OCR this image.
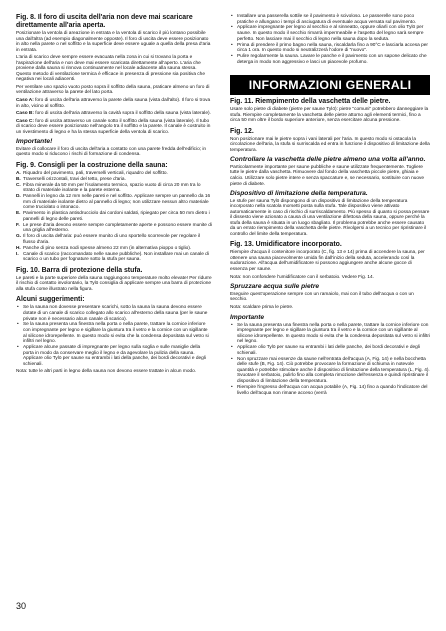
Fig. 8. Il foro di uscita dell'aria non deve mai scaricare direttamente all'aria aperta.
Posizionare la ventola di areazione in entrata e la ventola di scarico il più lontano possibile una dall'altra (ad esempio diagonalmente opposte). Il foro di uscita deve essere posizionato in alto nella parete o nel soffitto e la superficie deve essere uguale a quella della presa d'aria in entrata.
L'aria di scarico deve sempre essere evacuata nella zona in cui si trovano la porta e l'aspirazione dell'aria e non deve mai essere scaricata direttamente all'aperto. L'aria che proviene dalla sauna si rinnova continuamente nel locale adiacente alla sauna stessa. Questo metodo di ventilazione termica è efficace in presenza di pressione sia positiva che negativa nei locali adiacenti.
Per ventilare uno spazio vuoto posto sopra il soffitto della sauna, praticare almeno un foro di ventilazione attraverso la parete del lato porta.
Caso A: foro di uscita dell'aria attraverso la parete della sauna (vista dall'alto). Il foro si trova in alto, vicino al soffitto.
Caso B: foro di uscita dell'aria attraverso la cavità sopra il soffitto della sauna (vista laterale).
Caso C: foro di uscita attraverso un canale sotto il soffitto della sauna (vista laterale). Il tubo di scarico deve essere posizionato nell'angolo tra il soffitto e la parete. Il canale è costruito in un rivestimento di legno e ha la stessa superficie della ventola di scarico.
Importante!
Evitare di collocare il foro di uscita dell'aria a contatto con una parete fredda dell'edificio; in questo modo si riducono i rischi di formazione di condensa.
Fig. 9. Consigli per la costruzione della sauna:
A. Riquadro del pavimento, pali, traverselli verticali, riquadro del soffitto.
B. Traverselli orizzontali, travi del tetto, prese d'aria.
C. Fibra minerale da 50 mm per l'isolamento termico, spazio vuoto di circa 20 mm tra lo strato di materiale isolante e la parete esterna.
D. Pannelli in legno da 12 mm nelle pareti e nel soffitto. Applicare sempre un pannello da 16 mm di materiale isolante dietro al pannello di legno; non utilizzare nessun altro materiale come truciolato o intonaco.
E. Pavimento in plastica antisdrucciolo dai cordoni saldati, ripiegato per circa 50 mm dietro i pannelli di legno delle pareti.
F. Le prese d'aria devono essere sempre completamente aperte e possono essere munite di una griglia all'esterno.
G. Il foro di uscita dell'aria: può essere munito di uno sportello scorrevole per regolare il flusso d'aria.
H. Panche di pino senza nodi spesse almeno 22 mm (in alternativa pioppo o tiglio).
I. Canale di scarico (raccomandato nelle saune pubbliche). Non installare mai un canale di scarico o un tubo per fognature sotto la stufa per sauna.
Fig. 10. Barra di protezione della stufa.
Le pareti e la parte superiore della sauna raggiungono temperature molto elevate! Per ridurre il rischio di contatto involontario, la Tylö consiglia di applicare sempre una barra di protezione alla stufa come illustrato nella figura.
Alcuni suggerimenti:
• Se la sauna non dovesse presentare scarichi, sotto la sauna la sauna devono essere dotate di un canale di scarico collegato allo scarico all'esterno della sauna (per le saune private non è necessario alcun canale di scarico).
• Se la sauna presenta una finestra nella porta o nella parete, trattare la cornice inferiore con impregnante per legno e sigillare la giuntura tra il vetro e la cornice con un sigillante al silicone idrorepellente. In questo modo si evita che la condensa depositata sul vetro si infiltri nel legno.
• Applicare alcune passate di impregnante per legno sulla soglia e sulle maniglie della porta in modo da conservare meglio il legno e da agevolare la pulizia della sauna. Applicare olio Tylö per saune su entrambi i lati della panche, dei bordi decorativi e degli schienali.
Nota: tutte le altri parti in legno della sauna non devono essere trattate in alcun modo.
• Installare una passerella sottile se il pavimento è scivoloso. Le passerelle sono poco pratiche e allungano i tempi di asciugatura di eventuale acqua versata sul pavimento.
• Applicare impregnante per legno al secchio e al sinneatto, oppure oliarli con olio Tylö per saune. In questo modo il secchio rimarrà impermeabile e l'aspetto del legno sarà sempre perfetto. Non lasciare mai il secchio di legno nella sauna dopo la seduta.
• Prima di prendere il primo bagno nella sauna, riscaldarla fino a 90°C e lasciarla accesa per circa 1 ora. In questo modo si neutralizzerà l'odore di "nuovo".
• Pulire regolarmente la sauna. Lavare le panche e il pavimento con un sapone delicato che deterga in modo non aggressivo e lasci un piacevole profumo.
INFORMAZIONI GENERALI
Fig. 11. Riempimento della vaschetta delle pietre.
Usare solo pietre di diabete (pietre per saune Tylö): pietre "comuni" potrebbero danneggiare la stufa. Riempire completamente la vaschetta delle pietre attorno agli elementi termici, fino a circa 50 mm oltre il bordo superiore anteriore, senza esercitare alcuna pressione.
Fig. 12.
Non posizionare mai le pietre sopra i vani laterali per l'aria. In questo modo si ostacola la circolazione dell'aria, la stufa si surriscalda ed entra in funzione il dispositivo di limitazione della temperatura.
Controllare la vaschetta delle pietre almeno una volta all'anno.
Particolarmente importante per saune pubbliche e saune utilizzate frequentemente. Togliere tutte le pietre dalla vaschetta. Rimuovere dal fondo della vaschetta piccole pietre, ghiaia e calcio. Utilizzare solo pietre intere e senza spaccature e, se necessario, sostituire con nuove pietre di diabete.
Dispositivo di limitazione della temperatura.
Le stufe per sauna Tylö dispongono di un dispositivo di limitazione della temperatura incorporato nella scatola morsetti posta sulla stufa. Tale dispositivo viene attivato automaticamente in caso di rischio di surriscaldamento. Più spesso di quanto si possa pensare il dissesto viene azionato a causa di una ventilazione difettosa della sauna, oppure perché la stufa della sauna è situata in un luogo sbagliato. Il problema potrebbe anche essere causato da un errato riempimento della vaschetta delle pietre. Rivolgersi a un tecnico per ripristinare il controllo del limite della temperatura.
Fig. 13. Umidificatore incorporato.
Riempire d'acqua il contenitore incorporato (C, fig. 13 e 14) prima di accendere la sauna, per ottenere una sauna piacevolmente umida fin dall'inizio della seduta, accelerando così la sudorazione. All'acqua dell'umidificatore si possono aggiungere anche alcune gocce di essenza per saune.
Nota: non confondere l'umidificatore con il serbatoio. Vedere Fig. 14.
Spruzzare acqua sulle pietre
Eseguire quest'operazione sempre con un ramaiolo, mai con il tubo dell'acqua o con un secchio.
Nota: scaldare prima le pietre.
Importante
• Se la sauna presenta una finestra nella porta o nella parete, trattare la cornice inferiore con impregnante per legno e sigillare la giuntura tra il vetro e la cornice con un sigillante al silicone idrorepellente. In questo modo si evita che la condensa depositata sul vetro si infiltri nel legno.
• Applicare olio Tylö per saune su entrambi i lati delle panche, dei bordi decorativi e degli schienali.
• Non spruzzare mai essenze da saune nell'entrata dell'acqua (A, Fig. 14) e nella bocchetta delle stufe (B, Fig. 14). Ciò potrebbe provocare la formazione di schiuma in notevole quantità e potrebbe stimolare anche il dispositivo di limitazione della temperatura (L, Fig. 4). Svuotare il serbatoio, pulirlo fino alla completa rimozione dell'essenza e quindi ripristinare il dispositivo di limitazione della temperatura.
• Riempire l'ingresso dell'acqua con acqua potabile (A, Fig. 14) fino a quando l'indicatore del livello dell'acqua non rimane acceso (verrà
30
